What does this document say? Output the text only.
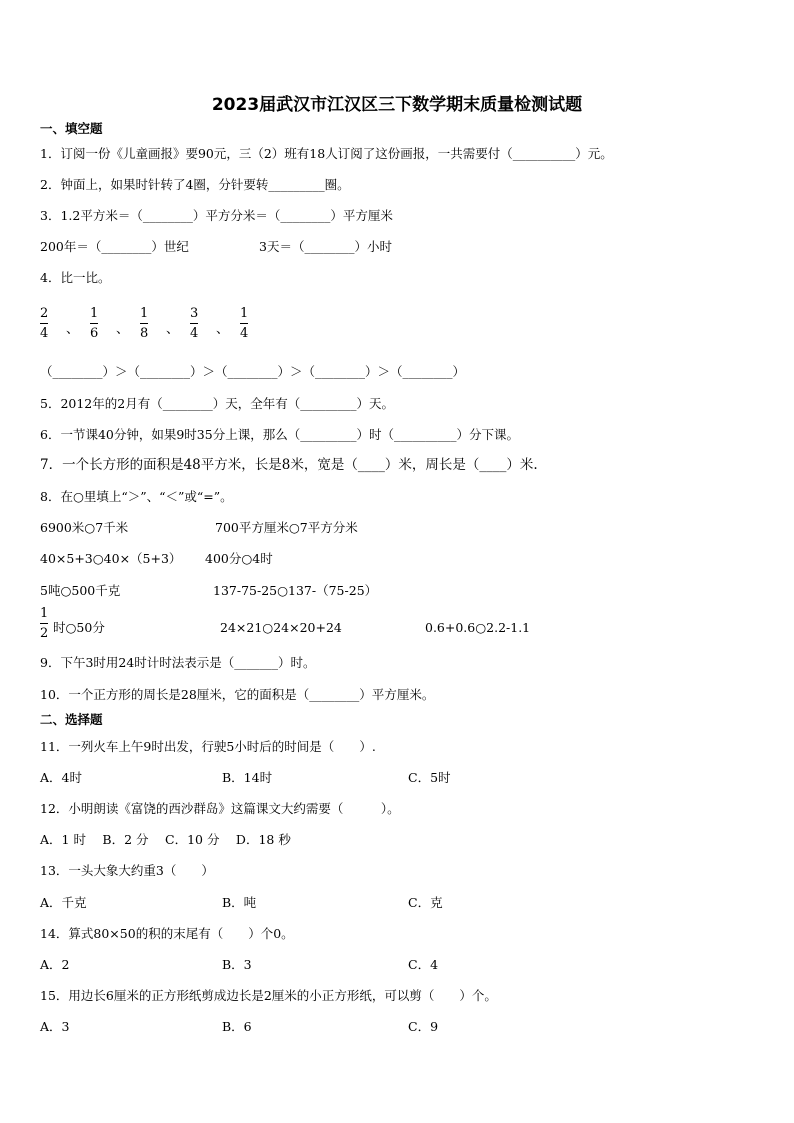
2023届武汉市江汉区三下数学期末质量检测试题
一、填空题
1．订阅一份《儿童画报》要90元，三（2）班有18人订阅了这份画报，一共需要付（__________）元。
2．钟面上，如果时针转了4圈，分针要转_________圈。
3．1.2平方米＝（________）平方分米＝（________）平方厘米
200年＝（________）世纪	3天＝（________）小时
4．比一比。
2
4 、
1
6 、
1
8 、
3
4 、
1
4
（________）＞（________）＞（________）＞（________）＞（________）
5．2012年的2月有（________）天，全年有（_________）天。
6．一节课40分钟，如果9时35分上课，那么（_________）时（__________）分下课。
7．一个长方形的面积是48平方米，长是8米，宽是（____）米，周长是（____）米.
8．在○里填上“＞”、“＜”或“=”。
6900米○7千米	700平方厘米○7平方分米
40×5+3○40×（5+3） 400分○4时
5吨○500千克	137-75-25○137-（75-25）
1
2 时○50分	24×21○24×20+24	0.6+0.6○2.2-1.1
9．下午3时用24时计时法表示是（_______）时。
10．一个正方形的周长是28厘米，它的面积是（________）平方厘米。
二、选择题
11．一列火车上午9时出发，行驶5小时后的时间是（　　）.
A．4时	B．14时	C．5时
12．小明朗读《富饶的西沙群岛》这篇课文大约需要（　　　）。
A．1 时　 B．2 分　 C．10 分　 D．18 秒
13．一头大象大约重3（　　）
A．千克	B．吨	C．克
14．算式80×50的积的末尾有（　　）个0。
A．2	B．3	C．4
15．用边长6厘米的正方形纸剪成边长是2厘米的小正方形纸，可以剪（　　）个。
A．3	B．6	C．9
